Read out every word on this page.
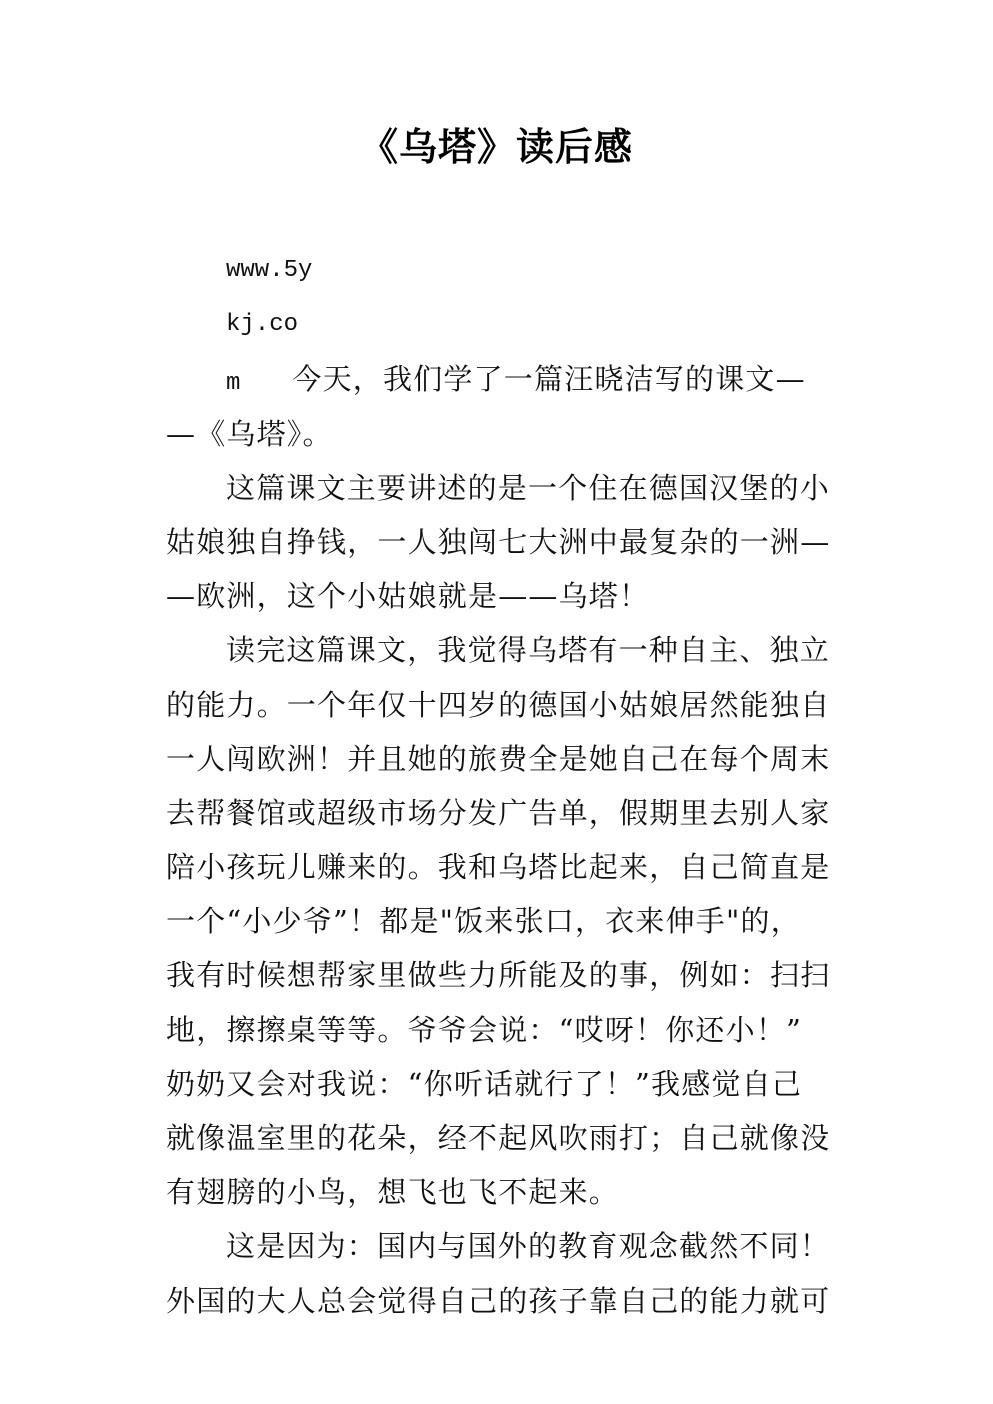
《乌塔》读后感
www.5y
kj.co
m 今天，我们学了一篇汪晓洁写的课文—
—《乌塔》。
这篇课文主要讲述的是一个住在德国汉堡的小
姑娘独自挣钱，一人独闯七大洲中最复杂的一洲—
—欧洲，这个小姑娘就是——乌塔！
读完这篇课文，我觉得乌塔有一种自主、独立
的能力。一个年仅十四岁的德国小姑娘居然能独自
一人闯欧洲！并且她的旅费全是她自己在每个周末
去帮餐馆或超级市场分发广告单，假期里去别人家
陪小孩玩儿赚来的。我和乌塔比起来，自己简直是
一个“小少爷”！都是"饭来张口，衣来伸手"的，
我有时候想帮家里做些力所能及的事，例如：扫扫
地，擦擦桌等等。爷爷会说：“哎呀！你还小！”
奶奶又会对我说：“你听话就行了！”我感觉自己
就像温室里的花朵，经不起风吹雨打；自己就像没
有翅膀的小鸟，想飞也飞不起来。
这是因为：国内与国外的教育观念截然不同！
外国的大人总会觉得自己的孩子靠自己的能力就可
